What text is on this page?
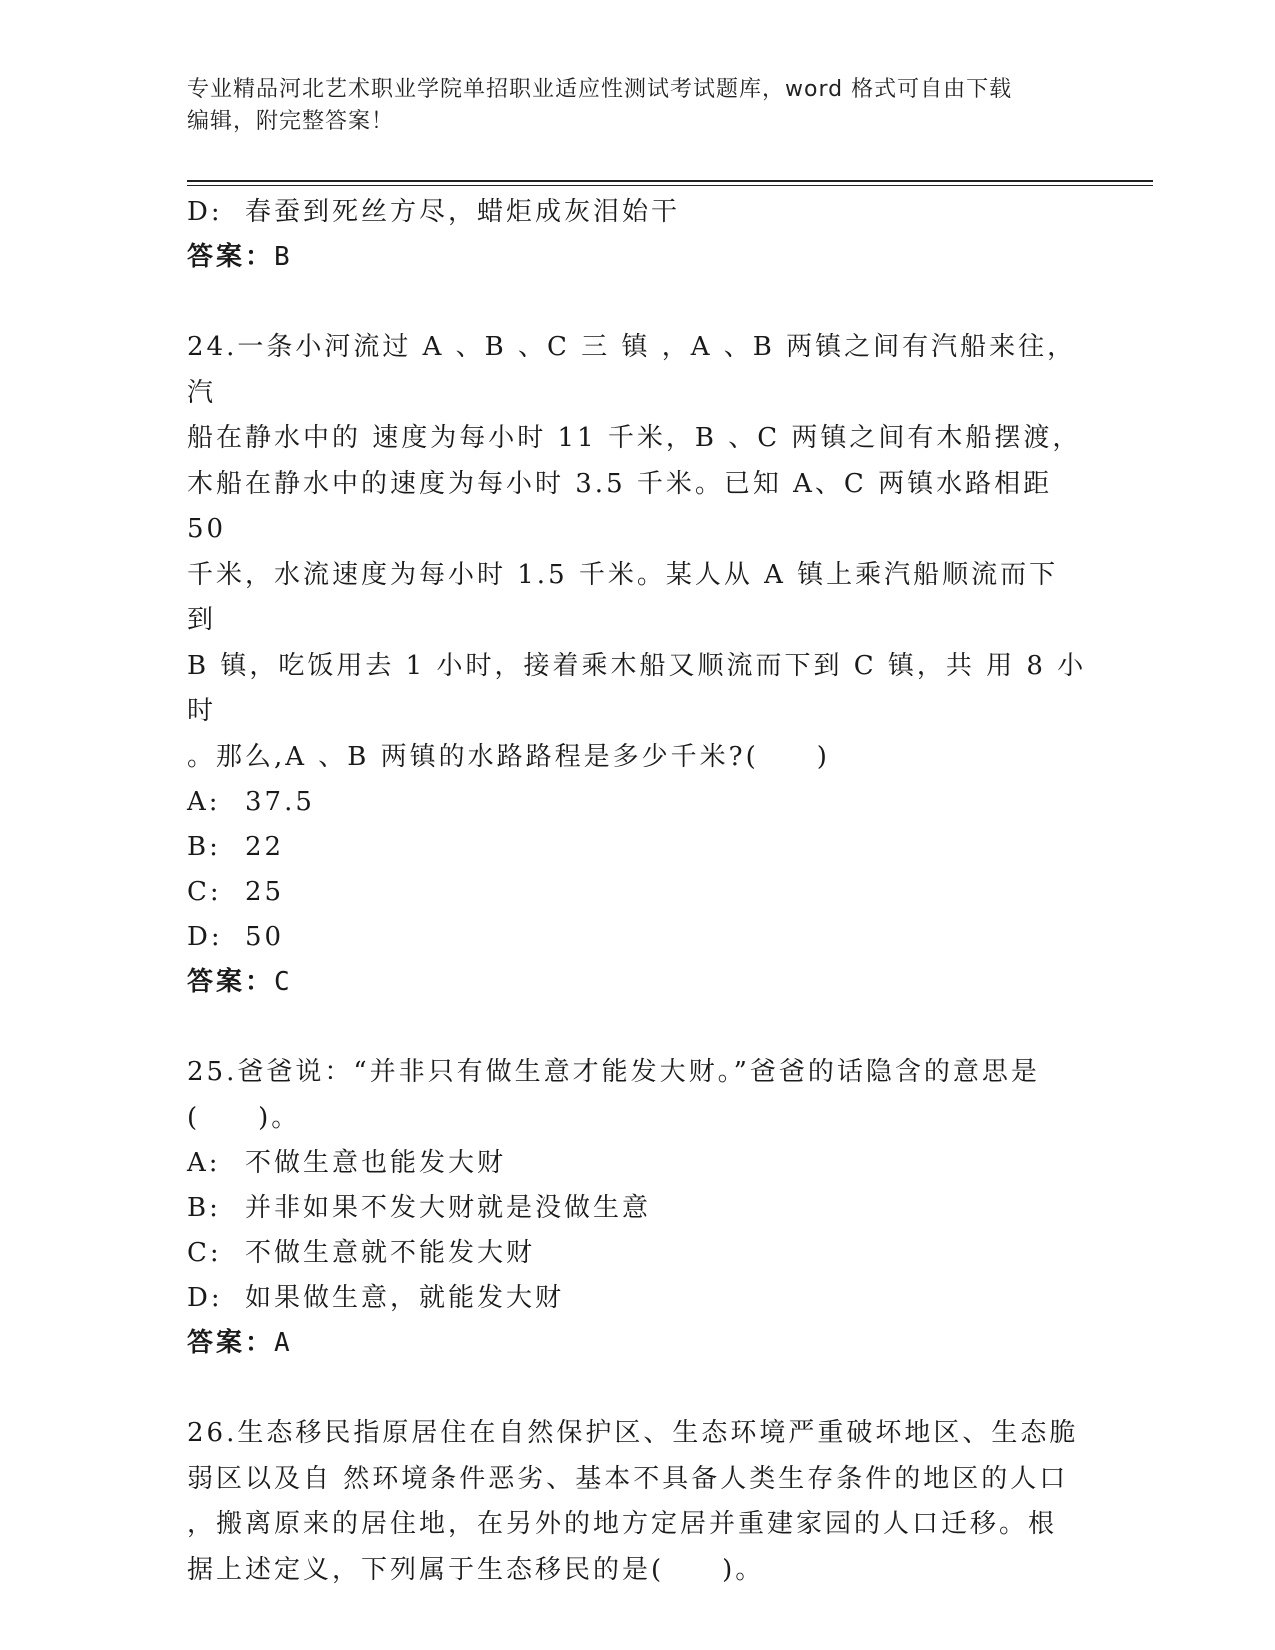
专业精品河北艺术职业学院单招职业适应性测试考试题库，word 格式可自由下载
编辑，附完整答案！
D: 春蚕到死丝方尽，蜡炬成灰泪始干
答案：B

24.一条小河流过 A 、B 、C 三 镇 ，A 、B 两镇之间有汽船来往，汽

船在静水中的 速度为每小时 11 千米，B 、C 两镇之间有木船摆渡，

木船在静水中的速度为每小时 3.5 千米。已知 A、C 两镇水路相距 50

千米，水流速度为每小时 1.5 千米。某人从 A 镇上乘汽船顺流而下到

B 镇，吃饭用去 1 小时，接着乘木船又顺流而下到 C 镇，共 用 8 小时

。那么,A 、B 两镇的水路路程是多少千米?(　　)

A: 37.5
B: 22
C: 25
D: 50
答案：C

25.爸爸说：“并非只有做生意才能发大财。”爸爸的话隐含的意思是

(　　)。

A: 不做生意也能发大财
B: 并非如果不发大财就是没做生意
C: 不做生意就不能发大财
D: 如果做生意，就能发大财
答案：A

26.生态移民指原居住在自然保护区、生态环境严重破坏地区、生态脆

弱区以及自 然环境条件恶劣、基本不具备人类生存条件的地区的人口

，搬离原来的居住地，在另外的地方定居并重建家园的人口迁移。根

据上述定义，下列属于生态移民的是(　　)。
